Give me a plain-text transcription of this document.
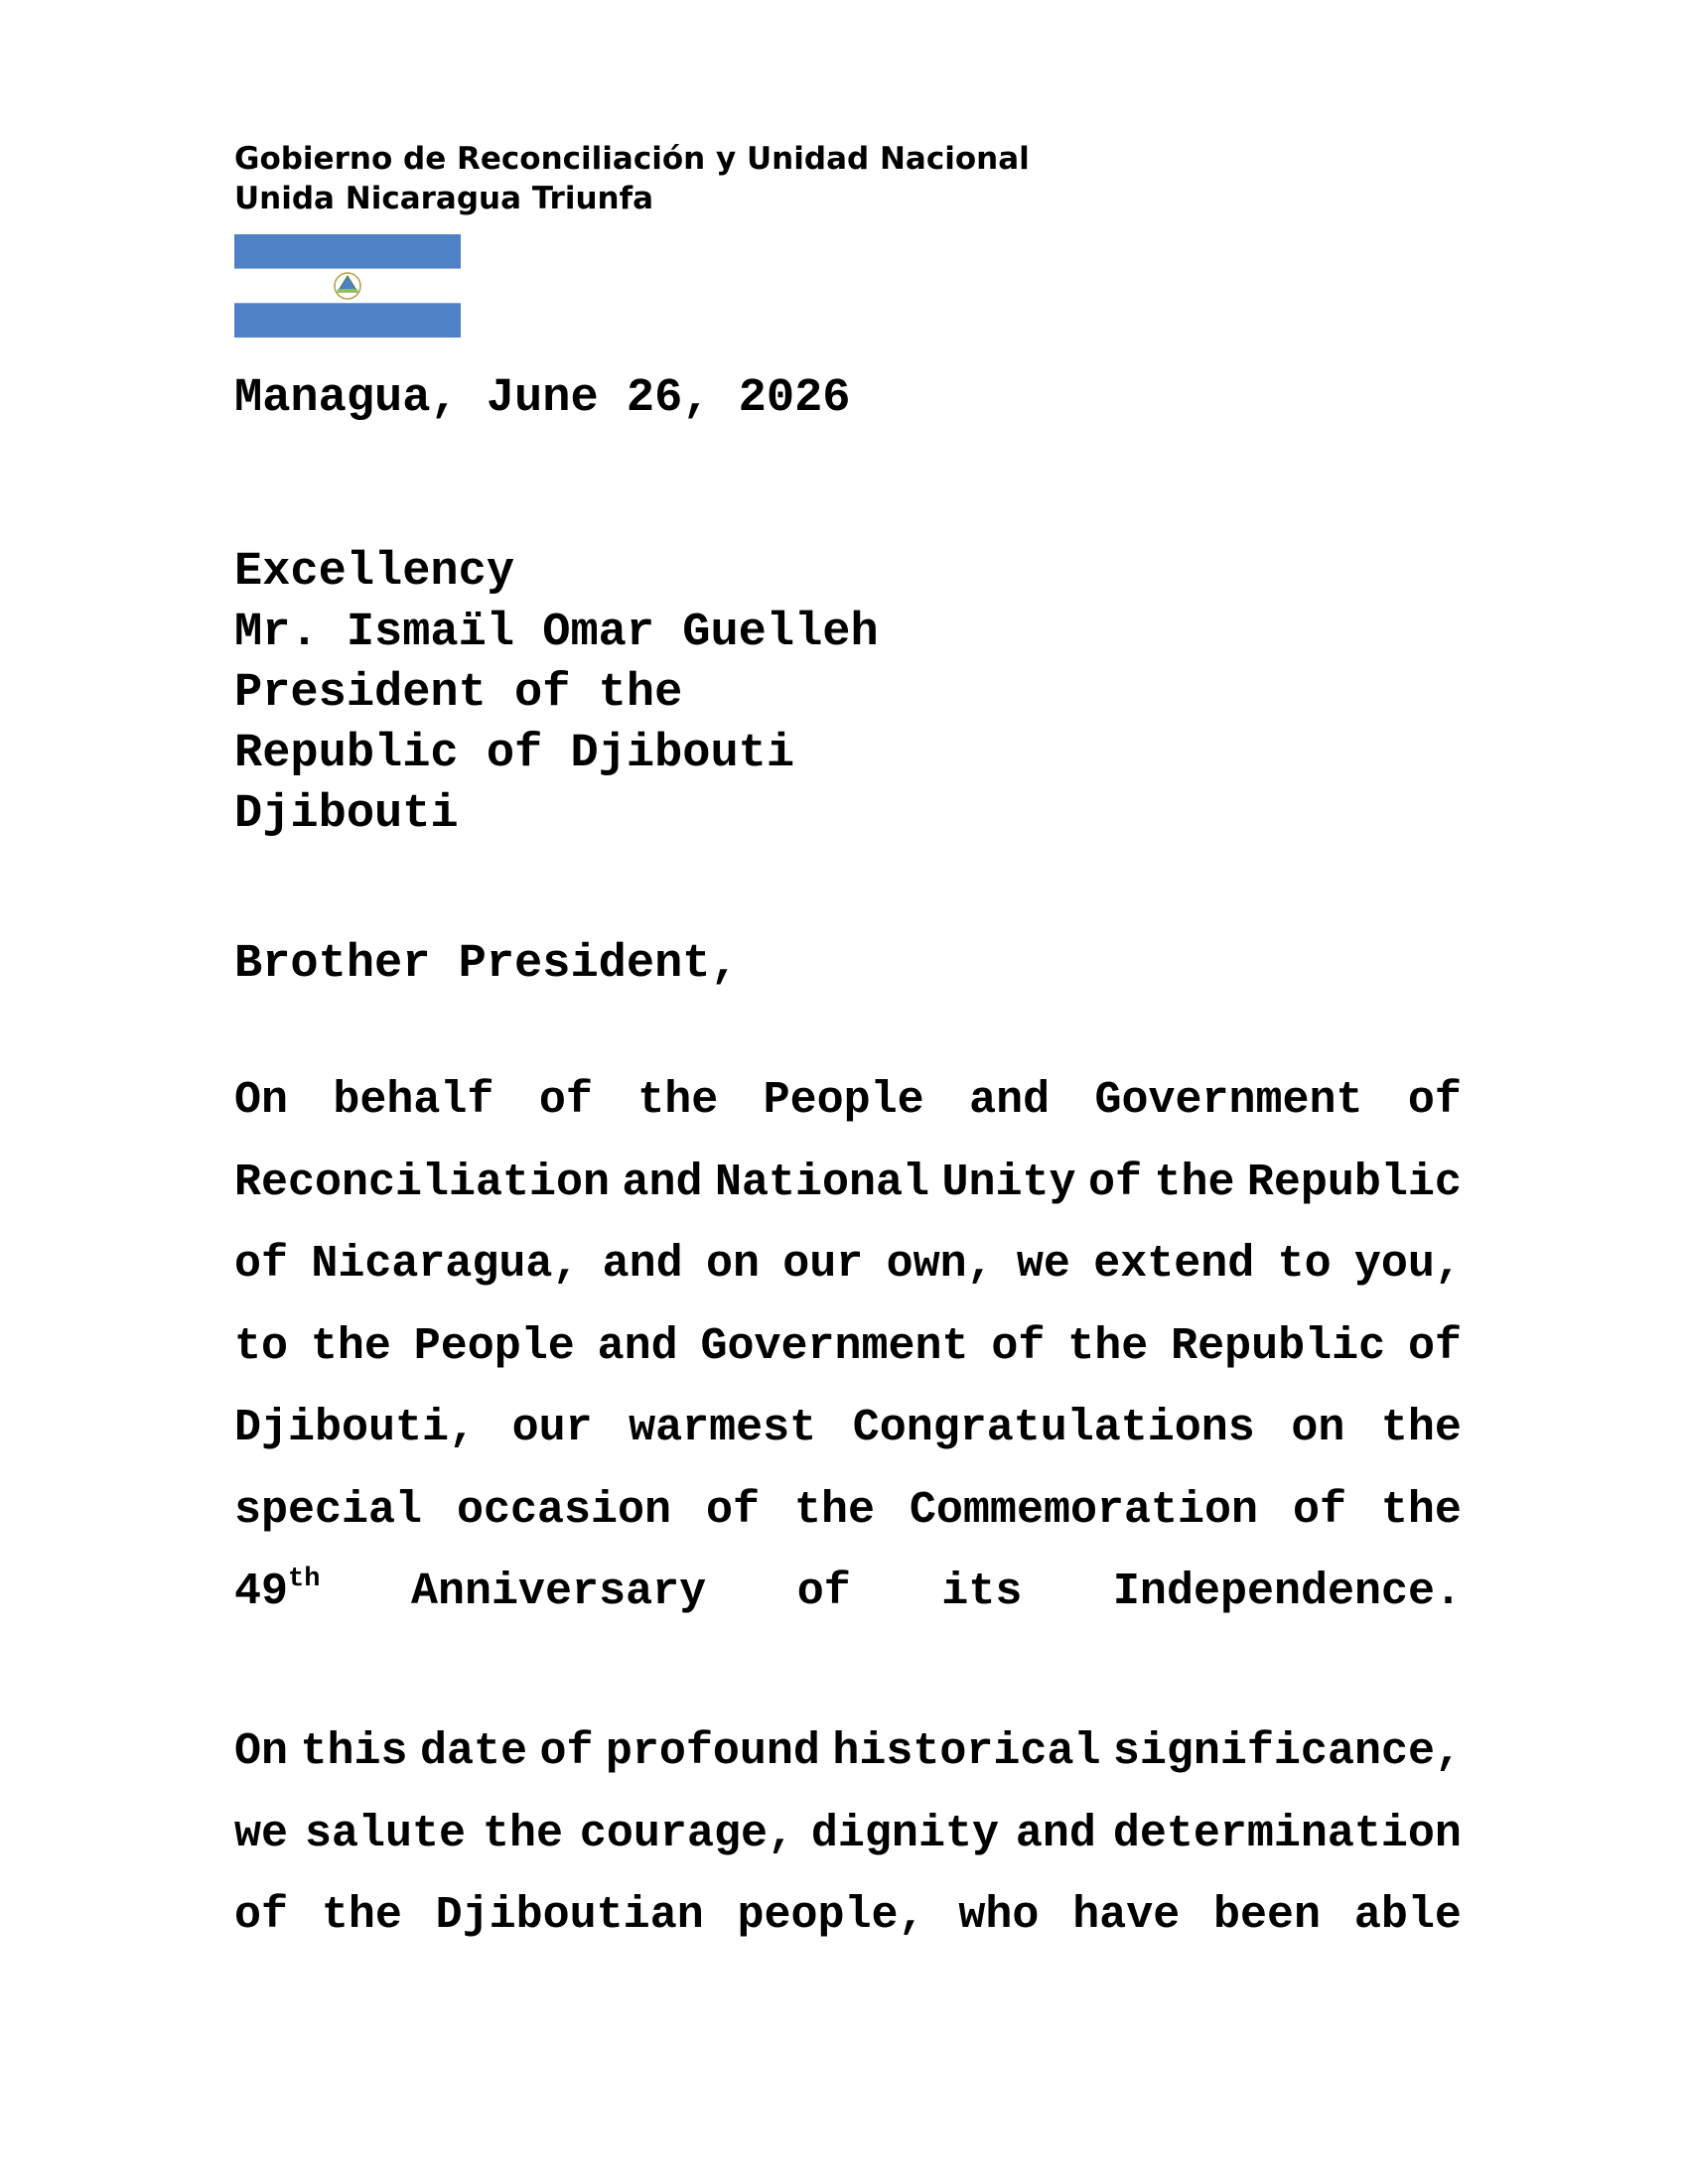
Gobierno de Reconciliación y Unidad Nacional
Unida Nicaragua Triunfa
Managua, June 26, 2026
Excellency
Mr. Ismaïl Omar Guelleh
President of the
Republic of Djibouti
Djibouti
Brother President,
On behalf of the People and Government of
Reconciliation and National Unity of the Republic
of Nicaragua, and on our own, we extend to you,
to the People and Government of the Republic of
Djibouti, our warmest Congratulations on the
special occasion of the Commemoration of the
49th Anniversary of its Independence.
On this date of profound historical significance,
we salute the courage, dignity and determination
of the Djiboutian people, who have been able
